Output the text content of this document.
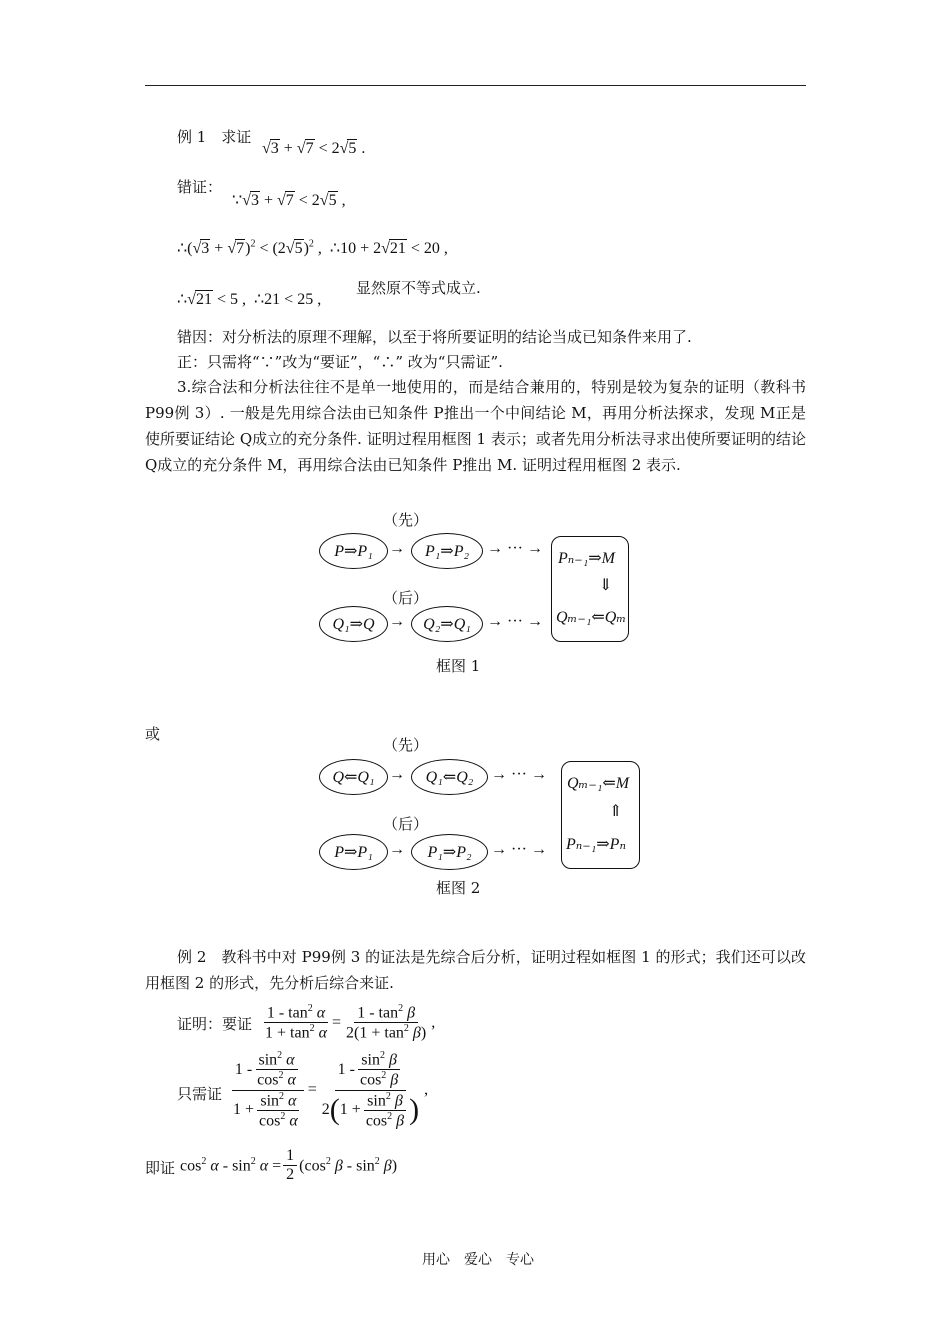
例 1　求证
√3 + √7 < 2√5 .
错证：
∵√3 + √7 < 2√5 ,
∴(√3 + $√7)^2 < (2√5)^2$ ,  ∴10 + 2√21 < 20 ,
∴√21 < 5 ,  ∴21 < 25 ,
显然原不等式成立.
错因：对分析法的原理不理解，以至于将所要证明的结论当成已知条件来用了.
正：只需将“∵”改为“要证”，“∴” 改为“只需证”.
3.综合法和分析法往往不是单一地使用的，而是结合兼用的，特别是较为复杂的证明（教科书P99例 3）. 一般是先用综合法由已知条件 P推出一个中间结论 M，再用分析法探求，发现 M正是使所要证结论 Q成立的充分条件. 证明过程用框图 1 表示；或者先用分析法寻求出使所要证明的结论 Q成立的充分条件 M，再用综合法由已知条件 P推出 M. 证明过程用框图 2 表示.
（先）
P⇒P₁	→	P₁⇒P₂	→ ··· →
（后）
Q₁⇒Q →	Q₂⇒Q₁	→ ··· →
Pₙ₋₁⇒M
⇓
Qₘ₋₁⇐Qₘ
框图 1
或
（先）
Q⇐Q₁ →	Q₁⇐Q₂	→ ··· →
（后）
P⇒P₁	→	P₁⇒P₂	→ ··· →
Qₘ₋₁⇐M
⇑
Pₙ₋₁⇒Pₙ
框图 2
例 2　教科书中对 P99例 3 的证法是先综合后分析，证明过程如框图 1 的形式；我们还可以改用框图 2 的形式，先分析后综合来证.
证明：要证 $\frac{1 - \tan^2 \alpha}{1 + \tan^2 \alpha} = \frac{1 - \tan^2 \beta}{2(1 + \tan^2 \beta)}$ ,
只需证 $\frac{1 - \frac{\sin^2 \alpha}{\cos^2 \alpha}}{1 + \frac{\sin^2 \alpha}{\cos^2 \alpha}} = \frac{1 - \frac{\sin^2 \beta}{\cos^2 \beta}}{2 ( 1 + \frac{\sin^2 \beta}{\cos^2 \beta} )}$ ,
即证 $\cos^2 \alpha - \sin^2 \alpha = \frac{1}{2} (\cos^2$ β - $\sin^2 \beta$)
用心　爱心　专心
